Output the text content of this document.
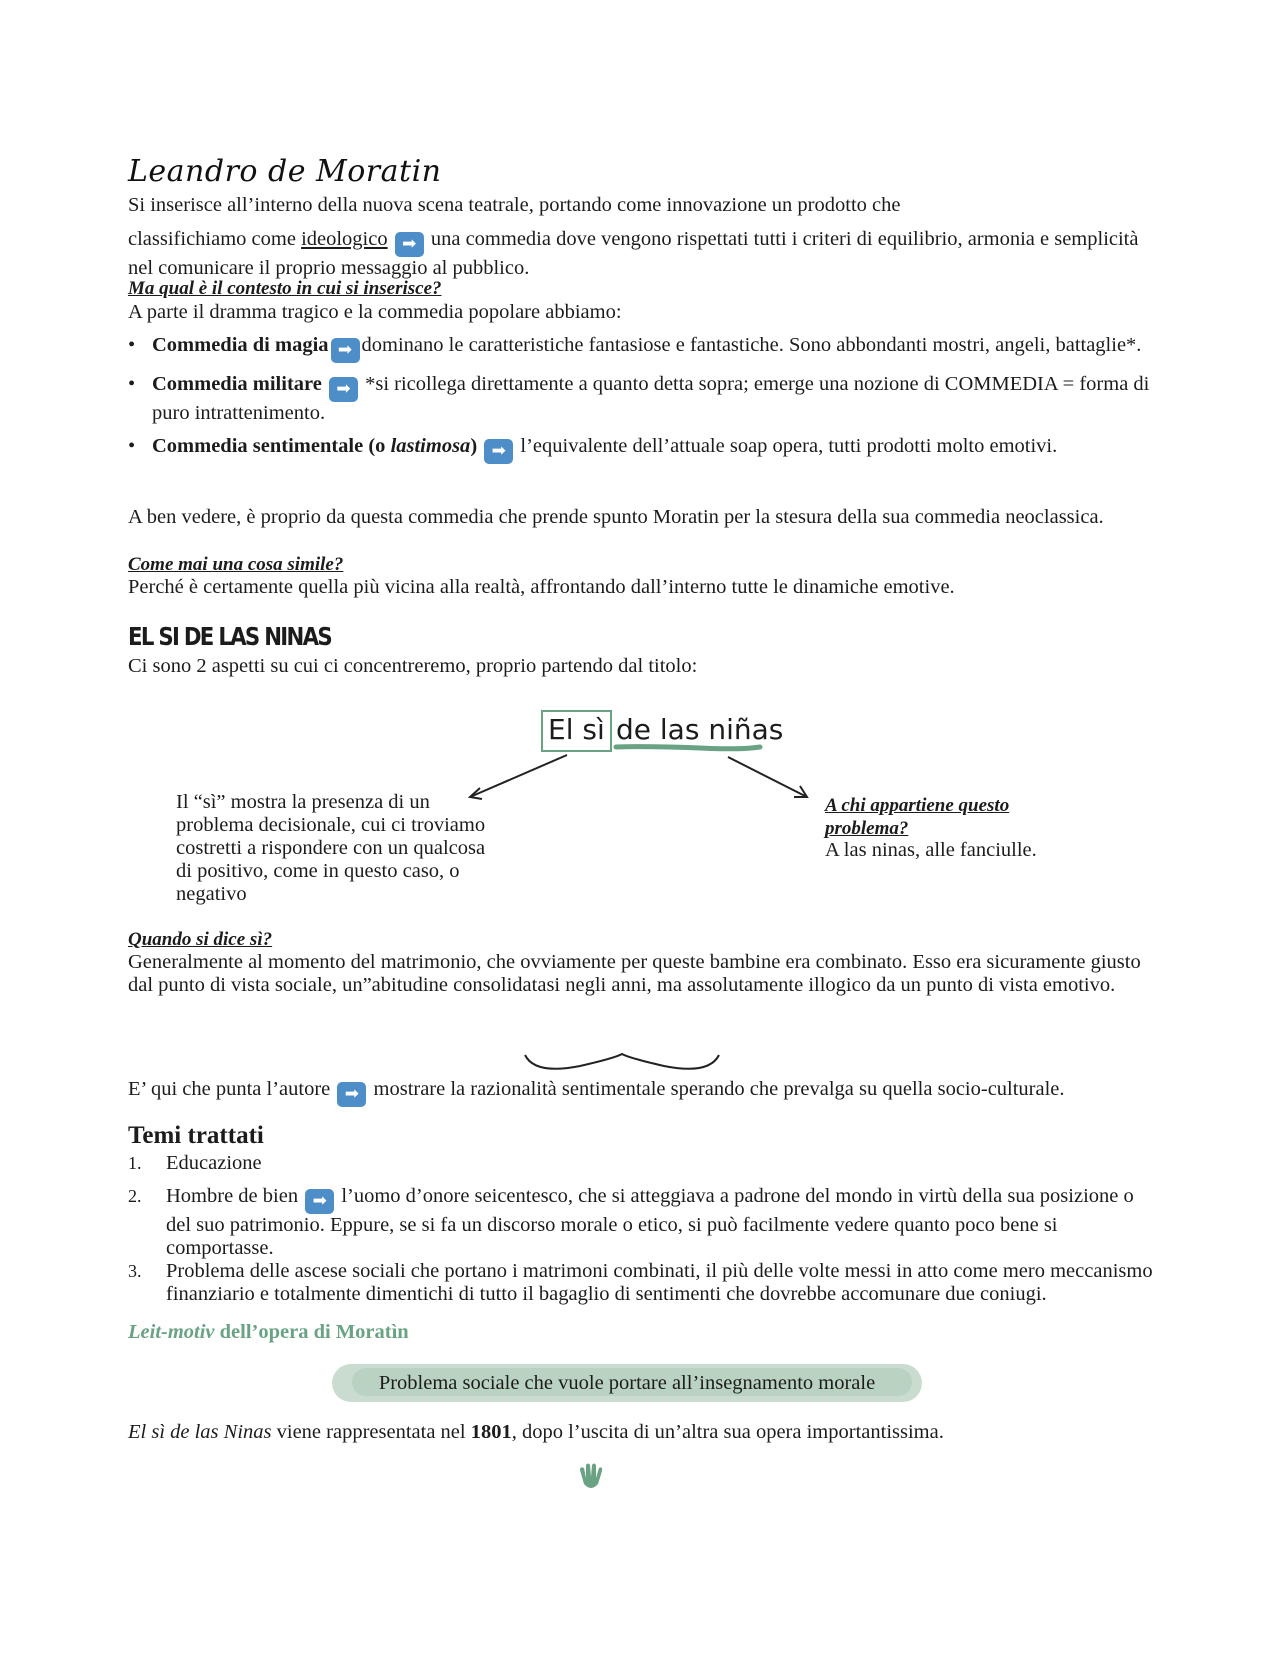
Leandro de Moratin
Si inserisce all’interno della nuova scena teatrale, portando come innovazione un prodotto che
classifichiamo come ideologico ➡ una commedia dove vengono rispettati tutti i criteri di equilibrio, armonia e semplicità nel comunicare il proprio messaggio al pubblico.
Ma qual è il contesto in cui si inserisce?
A parte il dramma tragico e la commedia popolare abbiamo:
• Commedia di magia ➡ dominano le caratteristiche fantasiose e fantastiche. Sono abbondanti mostri, angeli, battaglie*.
• Commedia militare ➡ *si ricollega direttamente a quanto detta sopra; emerge una nozione di COMMEDIA = forma di puro intrattenimento.
• Commedia sentimentale (o lastimosa) ➡ l’equivalente dell’attuale soap opera, tutti prodotti molto emotivi.
A ben vedere, è proprio da questa commedia che prende spunto Moratin per la stesura della sua commedia neoclassica.
Come mai una cosa simile?
Perché è certamente quella più vicina alla realtà, affrontando dall’interno tutte le dinamiche emotive.
EL SI DE LAS NINAS
Ci sono 2 aspetti su cui ci concentreremo, proprio partendo dal titolo:
El sì de las niñas
Il “sì” mostra la presenza di un problema decisionale, cui ci troviamo costretti a rispondere con un qualcosa di positivo, come in questo caso, o negativo
A chi appartiene questo problema?
A las ninas, alle fanciulle.
Quando si dice sì?
Generalmente al momento del matrimonio, che ovviamente per queste bambine era combinato. Esso era sicuramente giusto dal punto di vista sociale, un”abitudine consolidatasi negli anni, ma assolutamente illogico da un punto di vista emotivo.
E’ qui che punta l’autore ➡ mostrare la razionalità sentimentale sperando che prevalga su quella socio-culturale.
Temi trattati
1. Educazione
2. Hombre de bien ➡ l’uomo d’onore seicentesco, che si atteggiava a padrone del mondo in virtù della sua posizione o del suo patrimonio. Eppure, se si fa un discorso morale o etico, si può facilmente vedere quanto poco bene si comportasse.
3. Problema delle ascese sociali che portano i matrimoni combinati, il più delle volte messi in atto come mero meccanismo finanziario e totalmente dimentichi di tutto il bagaglio di sentimenti che dovrebbe accomunare due coniugi.
Leit-motiv dell’opera di Moratìn
Problema sociale che vuole portare all’insegnamento morale
El sì de las Ninas viene rappresentata nel 1801, dopo l’uscita di un’altra sua opera importantissima.
